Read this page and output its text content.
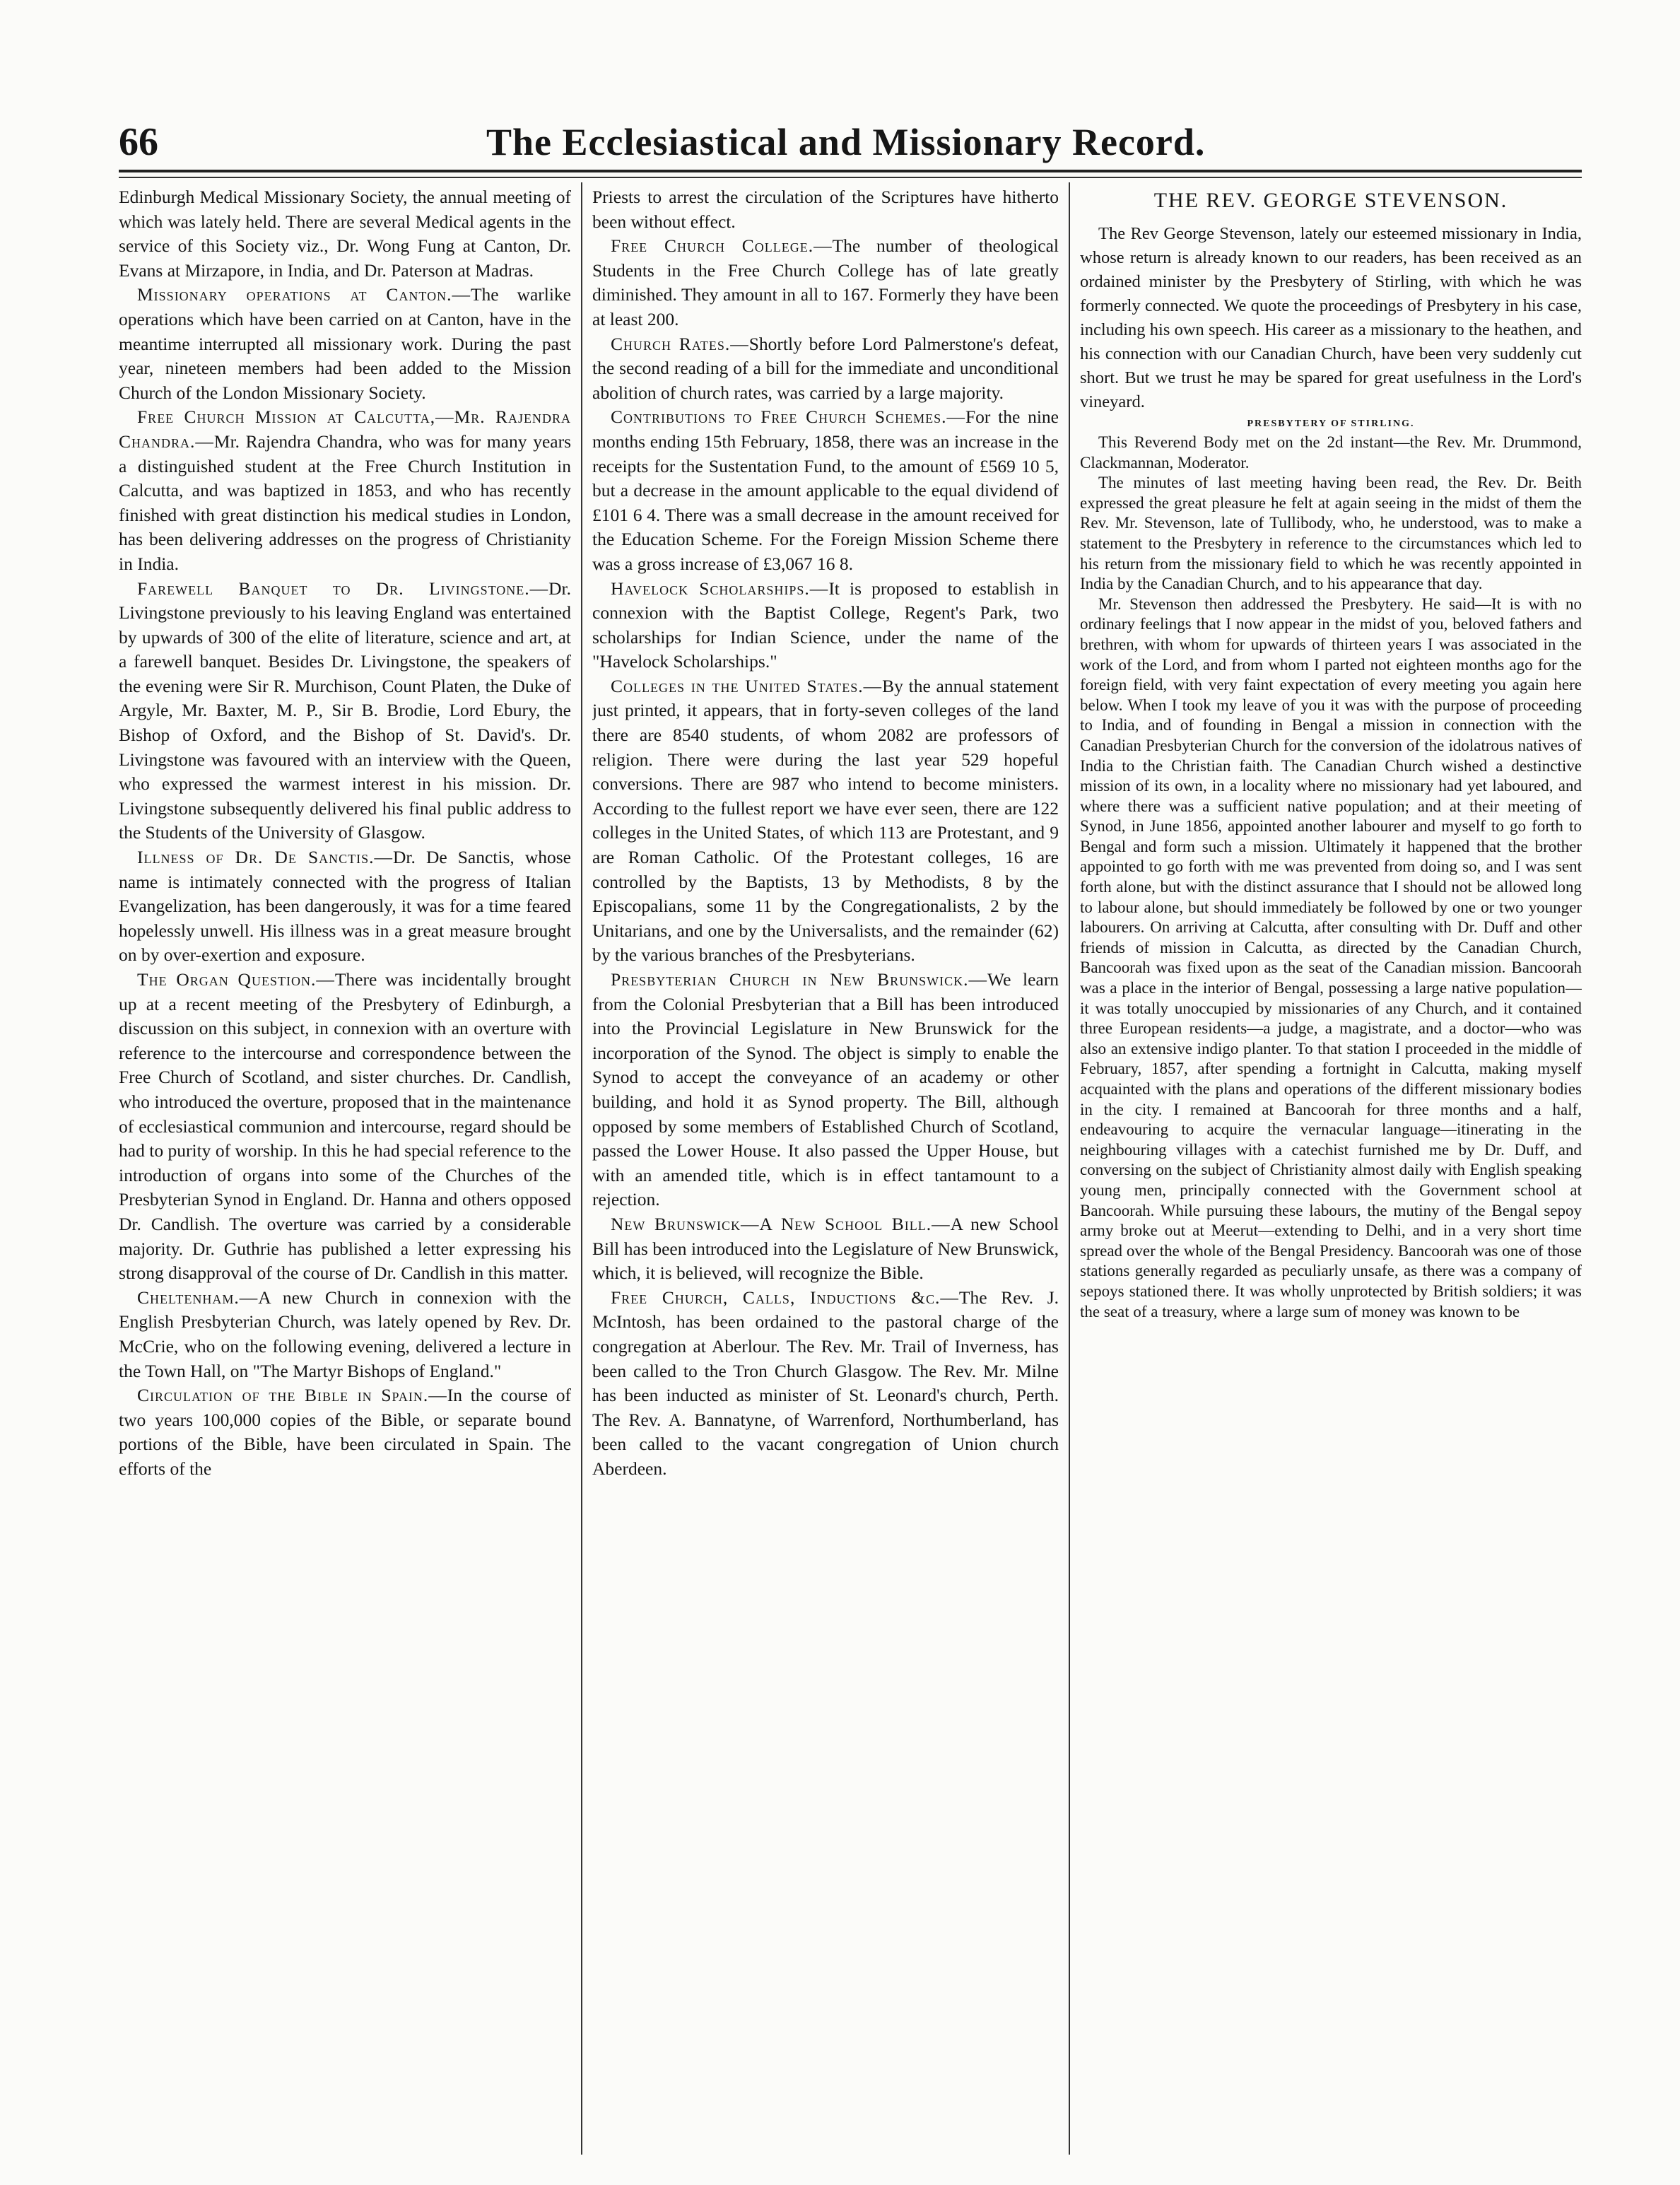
66	The Ecclesiastical and Missionary Record.

Edinburgh Medical Missionary Society, the annual meeting of which was lately held. There are several Medical agents in the service of this Society viz., Dr. Wong Fung at Canton, Dr. Evans at Mirzapore, in India, and Dr. Paterson at Madras.

Missionary operations at Canton.—The warlike operations which have been carried on at Canton, have in the meantime interrupted all missionary work. During the past year, nineteen members had been added to the Mission Church of the London Missionary Society.

Free Church Mission at Calcutta,—Mr. Rajendra Chandra.—Mr. Rajendra Chandra, who was for many years a distinguished student at the Free Church Institution in Calcutta, and was baptized in 1853, and who has recently finished with great distinction his medical studies in London, has been delivering addresses on the progress of Christianity in India.

Farewell Banquet to Dr. Livingstone.—Dr. Livingstone previously to his leaving England was entertained by upwards of 300 of the elite of literature, science and art, at a farewell banquet. Besides Dr. Livingstone, the speakers of the evening were Sir R. Murchison, Count Platen, the Duke of Argyle, Mr. Baxter, M. P., Sir B. Brodie, Lord Ebury, the Bishop of Oxford, and the Bishop of St. David's. Dr. Livingstone was favoured with an interview with the Queen, who expressed the warmest interest in his mission. Dr. Livingstone subsequently delivered his final public address to the Students of the University of Glasgow.

Illness of Dr. De Sanctis.—Dr. De Sanctis, whose name is intimately connected with the progress of Italian Evangelization, has been dangerously, it was for a time feared hopelessly unwell. His illness was in a great measure brought on by over-exertion and exposure.

The Organ Question.—There was incidentally brought up at a recent meeting of the Presbytery of Edinburgh, a discussion on this subject, in connexion with an overture with reference to the intercourse and correspondence between the Free Church of Scotland, and sister churches. Dr. Candlish, who introduced the overture, proposed that in the maintenance of ecclesiastical communion and intercourse, regard should be had to purity of worship. In this he had special reference to the introduction of organs into some of the Churches of the Presbyterian Synod in England. Dr. Hanna and others opposed Dr. Candlish. The overture was carried by a considerable majority. Dr. Guthrie has published a letter expressing his strong disapproval of the course of Dr. Candlish in this matter.

Cheltenham.—A new Church in connexion with the English Presbyterian Church, was lately opened by Rev. Dr. McCrie, who on the following evening, delivered a lecture in the Town Hall, on "The Martyr Bishops of England."

Circulation of the Bible in Spain.—In the course of two years 100,000 copies of the Bible, or separate bound portions of the Bible, have been circulated in Spain. The efforts of the

Priests to arrest the circulation of the Scriptures have hitherto been without effect.

Free Church College.—The number of theological Students in the Free Church College has of late greatly diminished. They amount in all to 167. Formerly they have been at least 200.

Church Rates.—Shortly before Lord Palmerstone's defeat, the second reading of a bill for the immediate and unconditional abolition of church rates, was carried by a large majority.

Contributions to Free Church Schemes.—For the nine months ending 15th February, 1858, there was an increase in the receipts for the Sustentation Fund, to the amount of £569 10 5, but a decrease in the amount applicable to the equal dividend of £101 6 4. There was a small decrease in the amount received for the Education Scheme. For the Foreign Mission Scheme there was a gross increase of £3,067 16 8.

Havelock Scholarships.—It is proposed to establish in connexion with the Baptist College, Regent's Park, two scholarships for Indian Science, under the name of the "Havelock Scholarships."

Colleges in the United States.—By the annual statement just printed, it appears, that in forty-seven colleges of the land there are 8540 students, of whom 2082 are professors of religion. There were during the last year 529 hopeful conversions. There are 987 who intend to become ministers. According to the fullest report we have ever seen, there are 122 colleges in the United States, of which 113 are Protestant, and 9 are Roman Catholic. Of the Protestant colleges, 16 are controlled by the Baptists, 13 by Methodists, 8 by the Episcopalians, some 11 by the Congregationalists, 2 by the Unitarians, and one by the Universalists, and the remainder (62) by the various branches of the Presbyterians.

Presbyterian Church in New Brunswick.—We learn from the Colonial Presbyterian that a Bill has been introduced into the Provincial Legislature in New Brunswick for the incorporation of the Synod. The object is simply to enable the Synod to accept the conveyance of an academy or other building, and hold it as Synod property. The Bill, although opposed by some members of Established Church of Scotland, passed the Lower House. It also passed the Upper House, but with an amended title, which is in effect tantamount to a rejection.

New Brunswick—A New School Bill.—A new School Bill has been introduced into the Legislature of New Brunswick, which, it is believed, will recognize the Bible.

Free Church, Calls, Inductions &c.—The Rev. J. McIntosh, has been ordained to the pastoral charge of the congregation at Aberlour. The Rev. Mr. Trail of Inverness, has been called to the Tron Church Glasgow. The Rev. Mr. Milne has been inducted as minister of St. Leonard's church, Perth. The Rev. A. Bannatyne, of Warrenford, Northumberland, has been called to the vacant congregation of Union church Aberdeen.

THE REV. GEORGE STEVENSON.

The Rev George Stevenson, lately our esteemed missionary in India, whose return is already known to our readers, has been received as an ordained minister by the Presbytery of Stirling, with which he was formerly connected. We quote the proceedings of Presbytery in his case, including his own speech. His career as a missionary to the heathen, and his connection with our Canadian Church, have been very suddenly cut short. But we trust he may be spared for great usefulness in the Lord's vineyard.

PRESBYTERY OF STIRLING.

This Reverend Body met on the 2d instant—the Rev. Mr. Drummond, Clackmannan, Moderator.

The minutes of last meeting having been read, the Rev. Dr. Beith expressed the great pleasure he felt at again seeing in the midst of them the Rev. Mr. Stevenson, late of Tullibody, who, he understood, was to make a statement to the Presbytery in reference to the circumstances which led to his return from the missionary field to which he was recently appointed in India by the Canadian Church, and to his appearance that day.

Mr. Stevenson then addressed the Presbytery. He said—It is with no ordinary feelings that I now appear in the midst of you, beloved fathers and brethren, with whom for upwards of thirteen years I was associated in the work of the Lord, and from whom I parted not eighteen months ago for the foreign field, with very faint expectation of every meeting you again here below. When I took my leave of you it was with the purpose of proceeding to India, and of founding in Bengal a mission in connection with the Canadian Presbyterian Church for the conversion of the idolatrous natives of India to the Christian faith. The Canadian Church wished a destinctive mission of its own, in a locality where no missionary had yet laboured, and where there was a sufficient native population; and at their meeting of Synod, in June 1856, appointed another labourer and myself to go forth to Bengal and form such a mission. Ultimately it happened that the brother appointed to go forth with me was prevented from doing so, and I was sent forth alone, but with the distinct assurance that I should not be allowed long to labour alone, but should immediately be followed by one or two younger labourers. On arriving at Calcutta, after consulting with Dr. Duff and other friends of mission in Calcutta, as directed by the Canadian Church, Bancoorah was fixed upon as the seat of the Canadian mission. Bancoorah was a place in the interior of Bengal, possessing a large native population—it was totally unoccupied by missionaries of any Church, and it contained three European residents—a judge, a magistrate, and a doctor—who was also an extensive indigo planter. To that station I proceeded in the middle of February, 1857, after spending a fortnight in Calcutta, making myself acquainted with the plans and operations of the different missionary bodies in the city. I remained at Bancoorah for three months and a half, endeavouring to acquire the vernacular language—itinerating in the neighbouring villages with a catechist furnished me by Dr. Duff, and conversing on the subject of Christianity almost daily with English speaking young men, principally connected with the Government school at Bancoorah. While pursuing these labours, the mutiny of the Bengal sepoy army broke out at Meerut—extending to Delhi, and in a very short time spread over the whole of the Bengal Presidency. Bancoorah was one of those stations generally regarded as peculiarly unsafe, as there was a company of sepoys stationed there. It was wholly unprotected by British soldiers; it was the seat of a treasury, where a large sum of money was known to be
